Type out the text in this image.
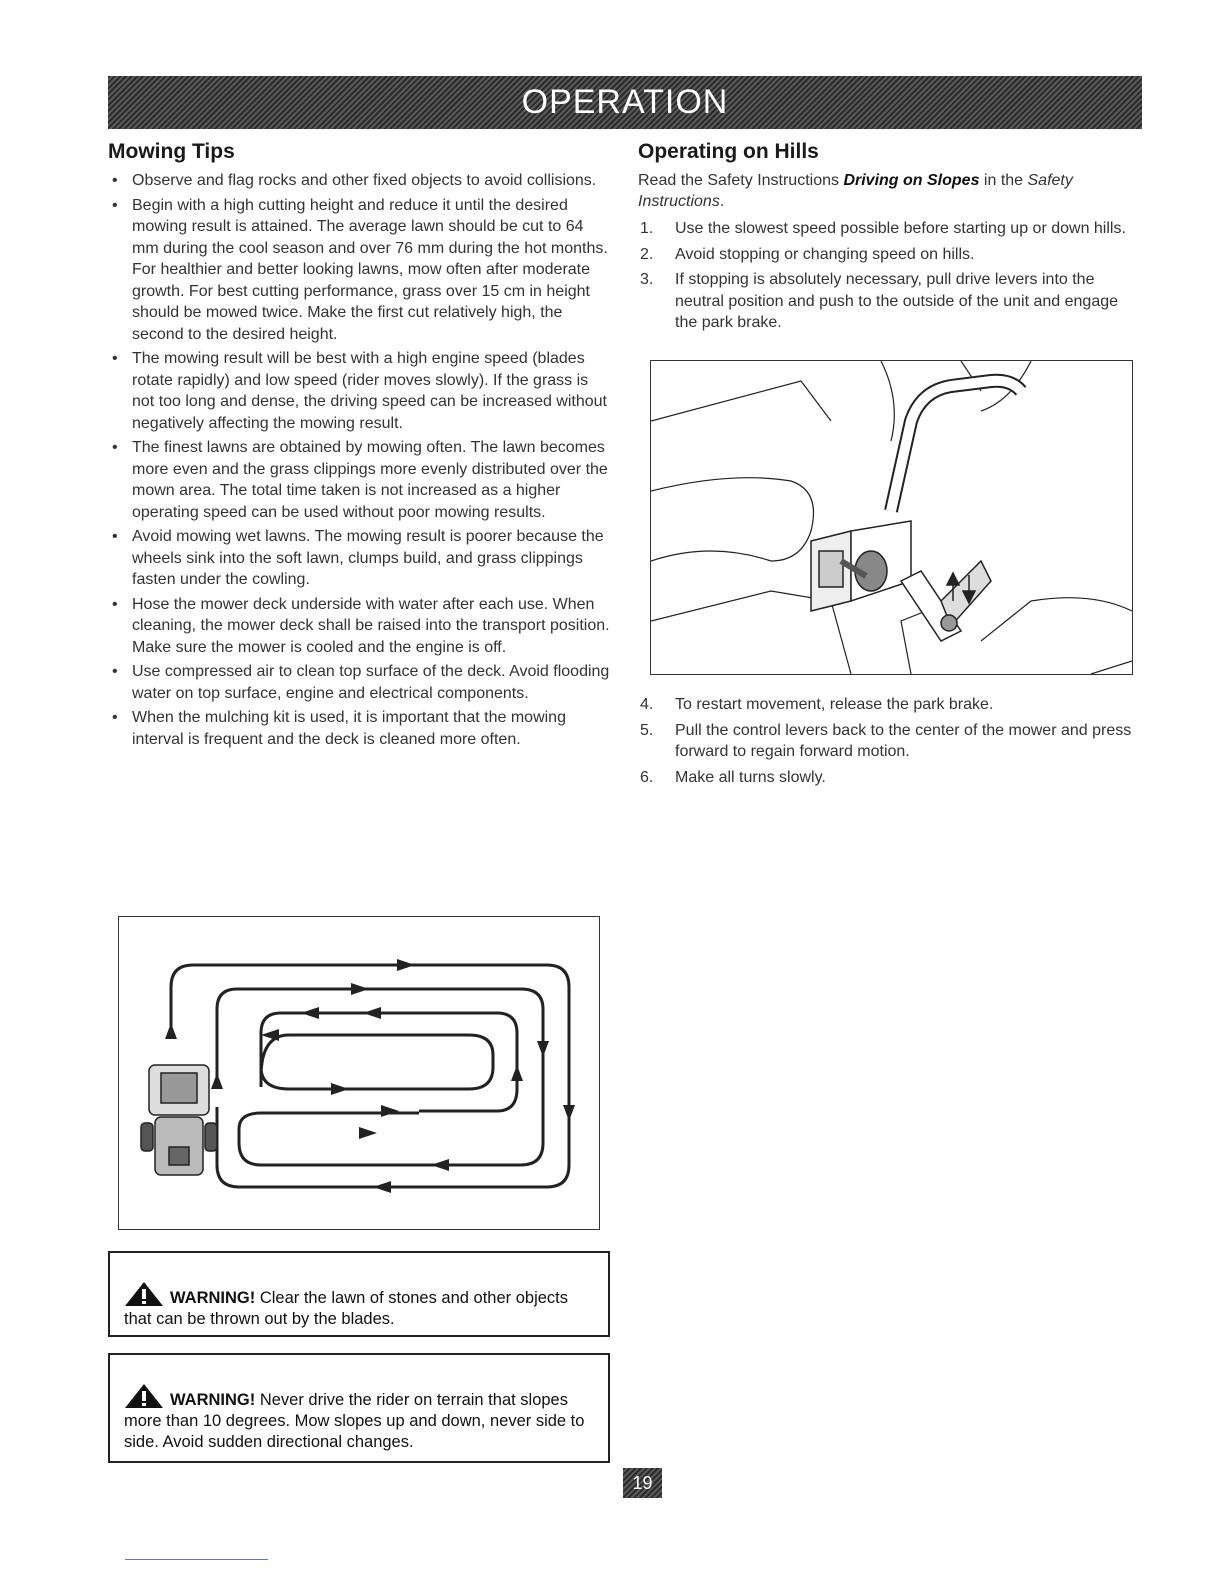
OPERATION
Mowing Tips
• Observe and flag rocks and other fixed objects to avoid collisions.
• Begin with a high cutting height and reduce it until the desired mowing result is attained. The average lawn should be cut to 64 mm during the cool season and over 76 mm during the hot months. For healthier and better looking lawns, mow often after moderate growth. For best cutting performance, grass over 15 cm in height should be mowed twice. Make the first cut relatively high, the second to the desired height.
• The mowing result will be best with a high engine speed (blades rotate rapidly) and low speed (rider moves slowly). If the grass is not too long and dense, the driving speed can be increased without negatively affecting the mowing result.
• The finest lawns are obtained by mowing often. The lawn becomes more even and the grass clippings more evenly distributed over the mown area. The total time taken is not increased as a higher operating speed can be used without poor mowing results.
• Avoid mowing wet lawns. The mowing result is poorer because the wheels sink into the soft lawn, clumps build, and grass clippings fasten under the cowling.
• Hose the mower deck underside with water after each use. When cleaning, the mower deck shall be raised into the transport position. Make sure the mower is cooled and the engine is off.
• Use compressed air to clean top surface of the deck. Avoid flooding water on top surface, engine and electrical components.
• When the mulching kit is used, it is important that the mowing interval is frequent and the deck is cleaned more often.
WARNING! Clear the lawn of stones and other objects that can be thrown out by the blades.
WARNING! Never drive the rider on terrain that slopes more than 10 degrees. Mow slopes up and down, never side to side. Avoid sudden directional changes.
Operating on Hills

Read the Safety Instructions Driving on Slopes in the Safety Instructions.

1. Use the slowest speed possible before starting up or down hills.
2. Avoid stopping or changing speed on hills.
3. If stopping is absolutely necessary, pull drive levers into the neutral position and push to the outside of the unit and engage the park brake.
4. To restart movement, release the park brake.
5. Pull the control levers back to the center of the mower and press forward to regain forward motion.
6. Make all turns slowly.
19
